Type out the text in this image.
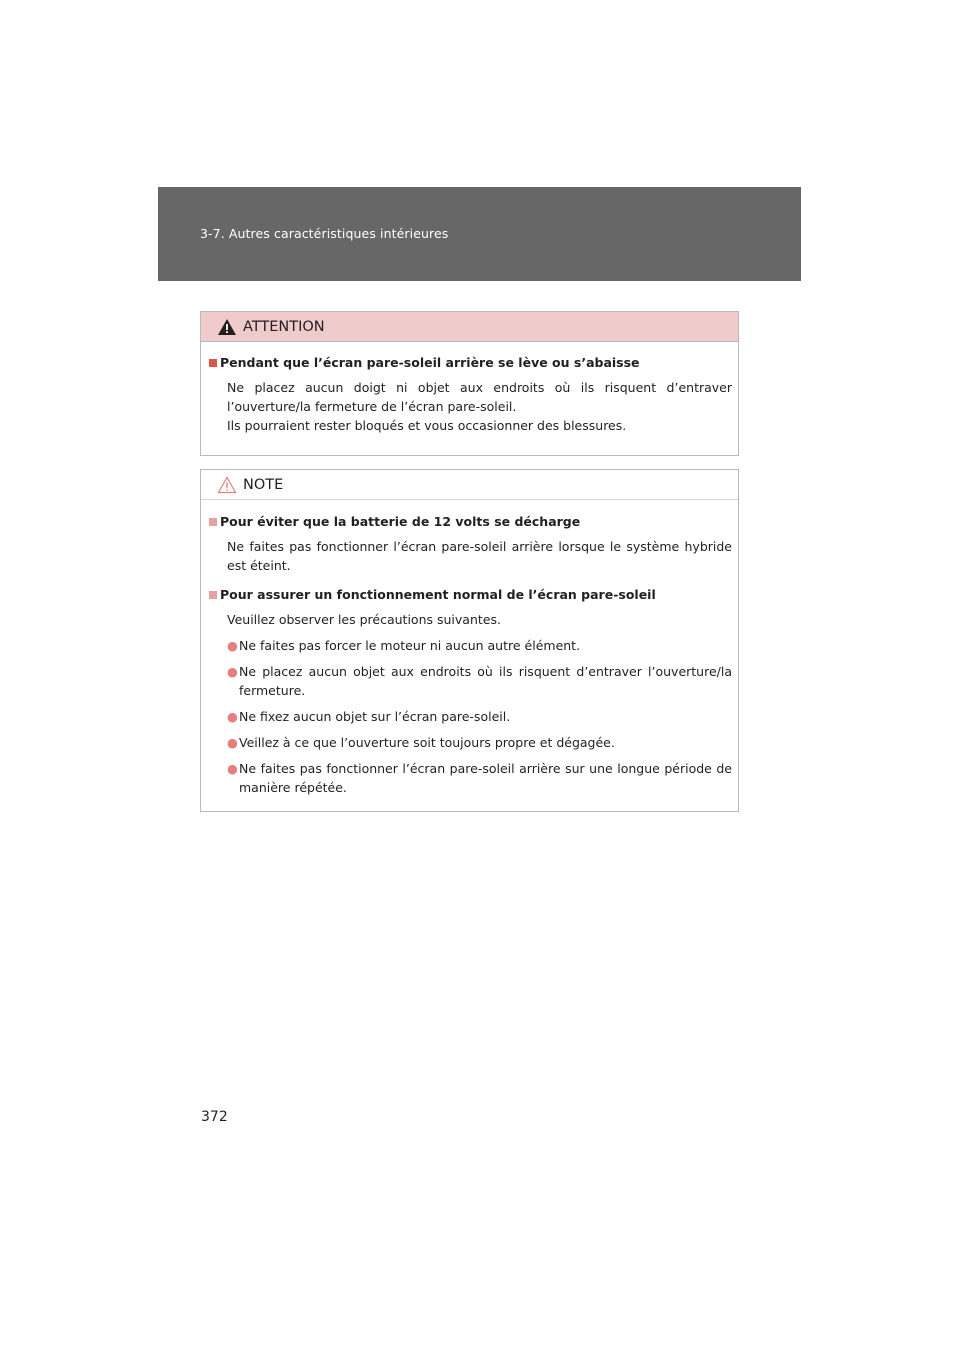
3-7. Autres caractéristiques intérieures
ATTENTION
Pendant que l’écran pare-soleil arrière se lève ou s’abaisse
Ne placez aucun doigt ni objet aux endroits où ils risquent d’entraver l’ouverture/la fermeture de l’écran pare-soleil.
Ils pourraient rester bloqués et vous occasionner des blessures.
NOTE
Pour éviter que la batterie de 12 volts se décharge
Ne faites pas fonctionner l’écran pare-soleil arrière lorsque le système hybride est éteint.
Pour assurer un fonctionnement normal de l’écran pare-soleil
Veuillez observer les précautions suivantes.
● Ne faites pas forcer le moteur ni aucun autre élément.
● Ne placez aucun objet aux endroits où ils risquent d’entraver l’ouverture/la fermeture.
● Ne fixez aucun objet sur l’écran pare-soleil.
● Veillez à ce que l’ouverture soit toujours propre et dégagée.
● Ne faites pas fonctionner l’écran pare-soleil arrière sur une longue période de manière répétée.
372
